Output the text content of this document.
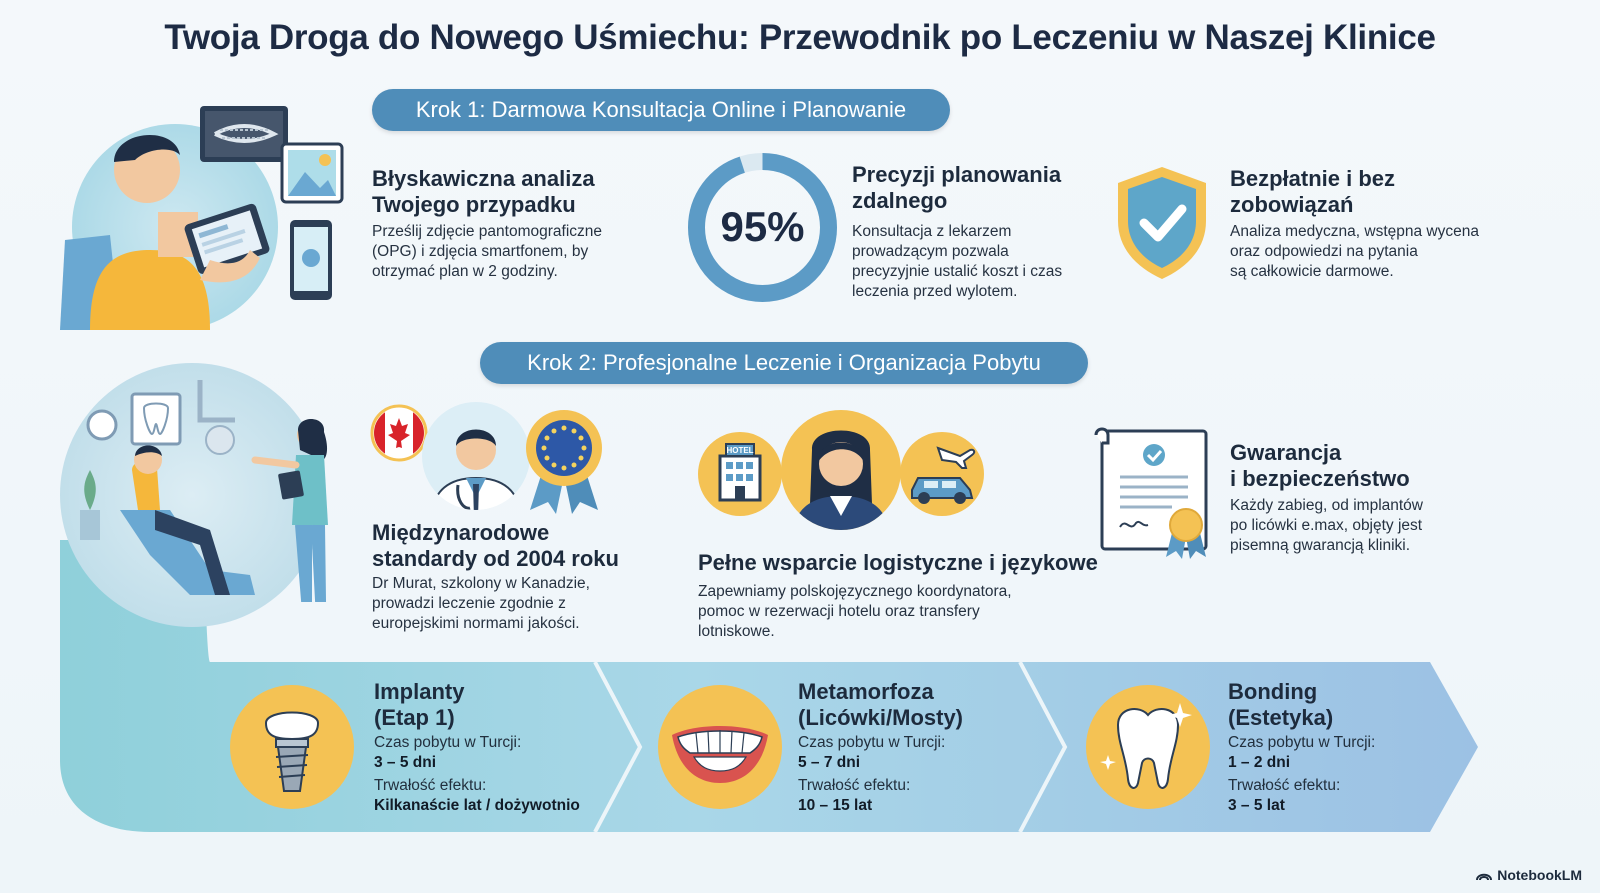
Twoja Droga do Nowego Uśmiechu: Przewodnik po Leczeniu w Naszej Klinice
Krok 1: Darmowa Konsultacja Online i Planowanie
Błyskawiczna analiza
Twojego przypadku
Prześlij zdjęcie pantomograficzne
(OPG) i zdjęcia smartfonem, by
otrzymać plan w 2 godziny.
95%
Precyzji planowania
zdalnego
Konsultacja z lekarzem
prowadzącym pozwala
precyzyjnie ustalić koszt i czas
leczenia przed wylotem.
Bezpłatnie i bez
zobowiązań
Analiza medyczna, wstępna wycena
oraz odpowiedzi na pytania
są całkowicie darmowe.
Krok 2: Profesjonalne Leczenie i Organizacja Pobytu
Międzynarodowe
standardy od 2004 roku
Dr Murat, szkolony w Kanadzie,
prowadzi leczenie zgodnie z
europejskimi normami jakości.
HOTEL
Pełne wsparcie logistyczne i językowe
Zapewniamy polskojęzycznego koordynatora,
pomoc w rezerwacji hotelu oraz transfery
lotniskowe.
Gwarancja
i bezpieczeństwo
Każdy zabieg, od implantów
po licówki e.max, objęty jest
pisemną gwarancją kliniki.
Implanty
(Etap 1)
Czas pobytu w Turcji:
3 – 5 dni
Trwałość efektu:
Kilkanaście lat / dożywotnio
Metamorfoza
(Licówki/Mosty)
Czas pobytu w Turcji:
5 – 7 dni
Trwałość efektu:
10 – 15 lat
Bonding
(Estetyka)
Czas pobytu w Turcji:
1 – 2 dni
Trwałość efektu:
3 – 5 lat
NotebookLM
